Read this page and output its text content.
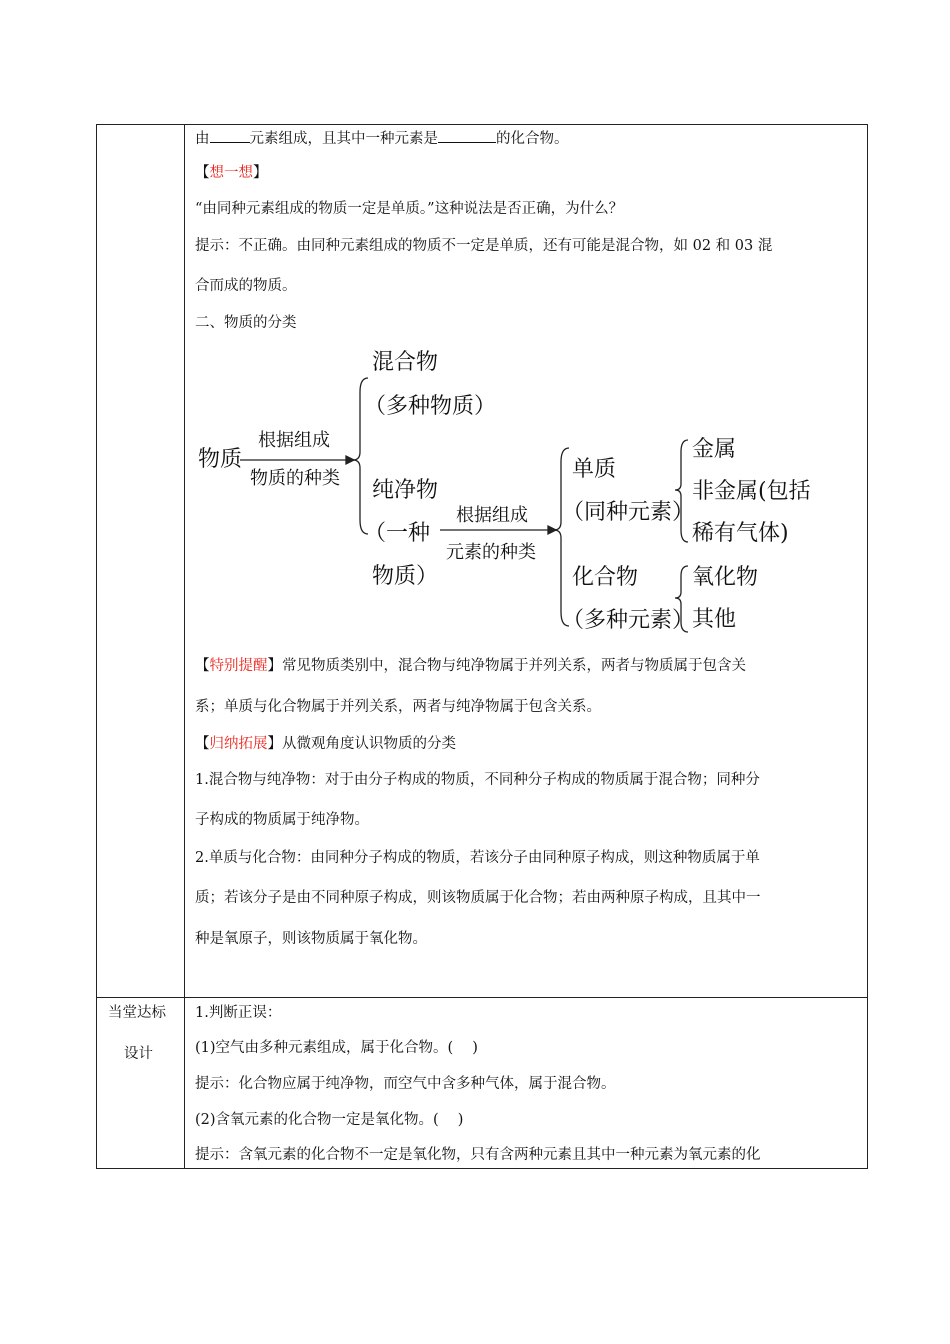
由	元素组成，且其中一种元素是	的化合物。
【想一想】
“由同种元素组成的物质一定是单质。”这种说法是否正确，为什么？
提示：不正确。由同种元素组成的物质不一定是单质，还有可能是混合物，如 02 和 03 混
合而成的物质。
二、物质的分类
物质
根据组成
物质的种类
混合物
（多种物质）
纯净物
（一种
物质）
根据组成
元素的种类
单质
（同种元素）
化合物
（多种元素）
金属
非金属(包括
稀有气体)
氧化物
其他
【特别提醒】常见物质类别中，混合物与纯净物属于并列关系，两者与物质属于包含关
系；单质与化合物属于并列关系，两者与纯净物属于包含关系。
【归纳拓展】从微观角度认识物质的分类
1.混合物与纯净物：对于由分子构成的物质，不同种分子构成的物质属于混合物；同种分
子构成的物质属于纯净物。
2.单质与化合物：由同种分子构成的物质，若该分子由同种原子构成，则这种物质属于单
质；若该分子是由不同种原子构成，则该物质属于化合物；若由两种原子构成，且其中一
种是氧原子，则该物质属于氧化物。
当堂达标
设计
1.判断正误：
(1)空气由多种元素组成，属于化合物。(　 )
提示：化合物应属于纯净物，而空气中含多种气体，属于混合物。
(2)含氧元素的化合物一定是氧化物。(　 )
提示：含氧元素的化合物不一定是氧化物，只有含两种元素且其中一种元素为氧元素的化
